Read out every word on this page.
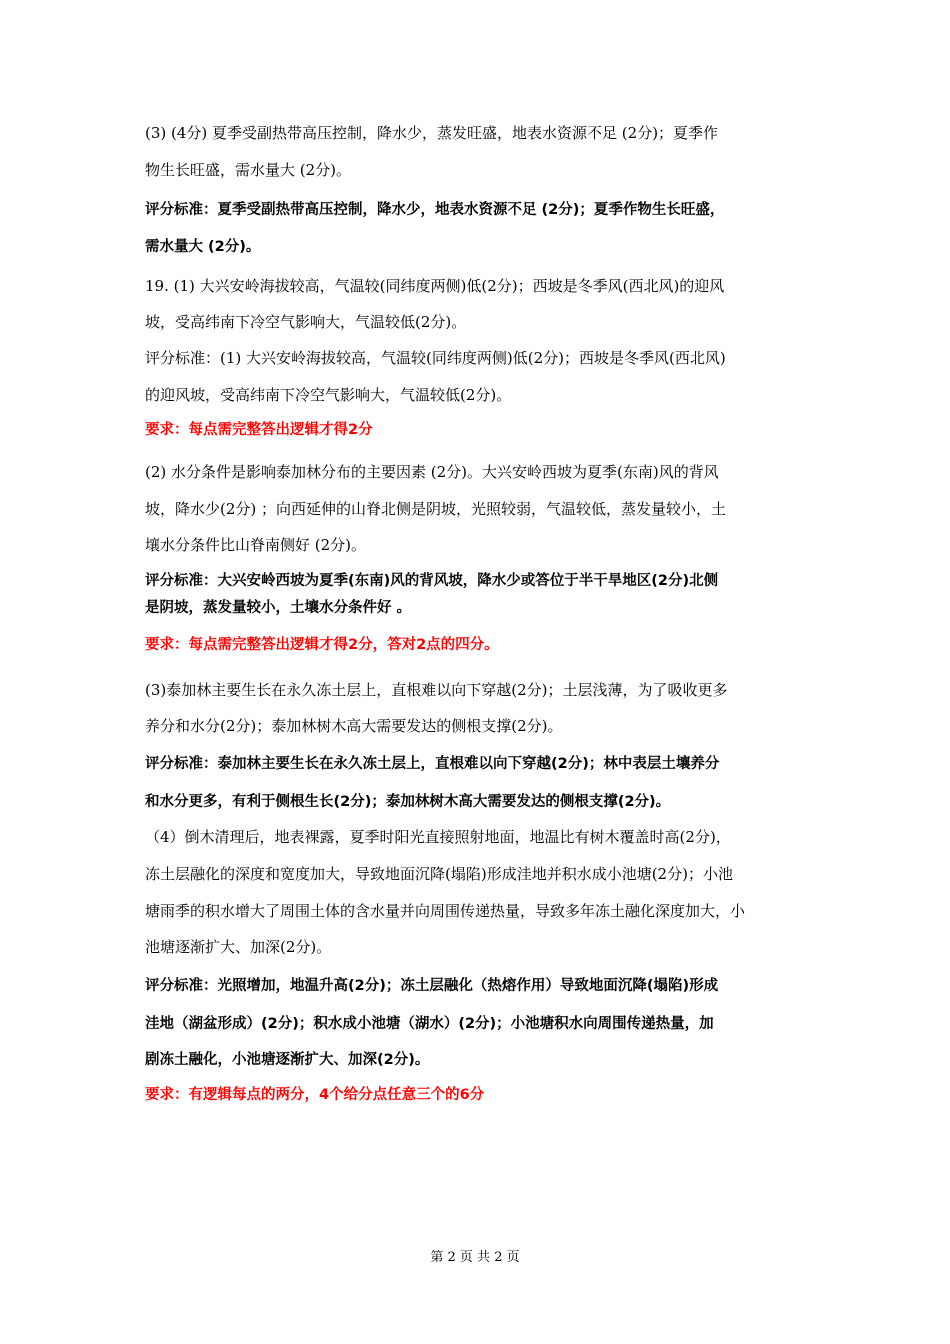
(3) (4分) 夏季受副热带高压控制，降水少，蒸发旺盛，地表水资源不足 (2分)；夏季作

物生长旺盛，需水量大 (2分)。

评分标准：夏季受副热带高压控制，降水少，地表水资源不足 (2分)；夏季作物生长旺盛，

需水量大 (2分)。

19. (1) 大兴安岭海拔较高，气温较(同纬度两侧)低(2分)；西坡是冬季风(西北风)的迎风

坡，受高纬南下冷空气影响大，气温较低(2分)。

评分标准：(1) 大兴安岭海拔较高，气温较(同纬度两侧)低(2分)；西坡是冬季风(西北风)

的迎风坡，受高纬南下冷空气影响大，气温较低(2分)。

要求：每点需完整答出逻辑才得2分

(2) 水分条件是影响泰加林分布的主要因素 (2分)。大兴安岭西坡为夏季(东南)风的背风

坡，降水少(2分) ；向西延伸的山脊北侧是阴坡，光照较弱，气温较低，蒸发量较小，土

壤水分条件比山脊南侧好 (2分)。

评分标准：大兴安岭西坡为夏季(东南)风的背风坡，降水少或答位于半干旱地区(2分)北侧

是阴坡，蒸发量较小，土壤水分条件好 。

要求：每点需完整答出逻辑才得2分，答对2点的四分。

(3)泰加林主要生长在永久冻土层上，直根难以向下穿越(2分)；土层浅薄，为了吸收更多

养分和水分(2分)；泰加林树木高大需要发达的侧根支撑(2分)。

评分标准：泰加林主要生长在永久冻土层上，直根难以向下穿越(2分)；林中表层土壤养分

和水分更多，有利于侧根生长(2分)；泰加林树木高大需要发达的侧根支撑(2分)。

（4）倒木清理后，地表裸露，夏季时阳光直接照射地面，地温比有树木覆盖时高(2分)，

冻土层融化的深度和宽度加大，导致地面沉降(塌陷)形成洼地并积水成小池塘(2分)；小池

塘雨季的积水增大了周围土体的含水量并向周围传递热量，导致多年冻土融化深度加大，小

池塘逐渐扩大、加深(2分)。

评分标准：光照增加，地温升高(2分)；冻土层融化（热熔作用）导致地面沉降(塌陷)形成

洼地（湖盆形成）(2分)；积水成小池塘（湖水）(2分)；小池塘积水向周围传递热量，加

剧冻土融化，小池塘逐渐扩大、加深(2分)。

要求：有逻辑每点的两分，4个给分点任意三个的6分

第 2 页 共 2 页
